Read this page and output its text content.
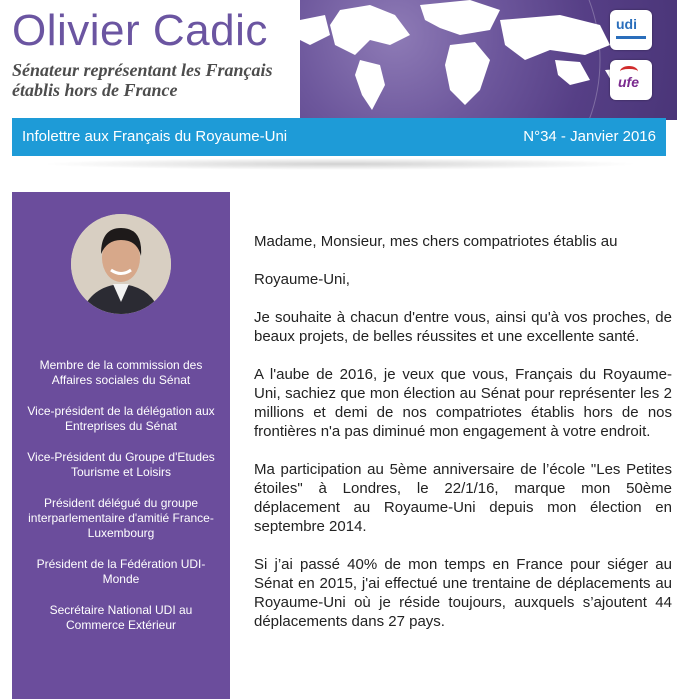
Olivier Cadic
Sénateur représentant les Français
établis hors de France
udi
ufe
Infolettre aux Français du Royaume-Uni	N°34 - Janvier 2016
Membre de la commission des Affaires sociales du Sénat
Vice-président de la délégation aux Entreprises du Sénat
Vice-Président du Groupe d'Etudes Tourisme et Loisirs
Président délégué du groupe interparlementaire d'amitié France-Luxembourg
Président de la Fédération UDI-Monde
Secrétaire National UDI au Commerce Extérieur

Madame, Monsieur, mes chers compatriotes établis au

Royaume-Uni,

Je souhaite à chacun d'entre vous, ainsi qu'à vos proches, de beaux projets, de belles réussites et une excellente santé.

A l'aube de 2016, je veux que vous, Français du Royaume-Uni, sachiez que mon élection au Sénat pour représenter les 2 millions et demi de nos compatriotes établis hors de nos frontières n'a pas diminué mon engagement à votre endroit.

Ma participation au 5ème anniversaire de l’école "Les Petites étoiles" à Londres, le 22/1/16, marque mon 50ème déplacement au Royaume-Uni depuis mon élection en septembre 2014.

Si j’ai passé 40% de mon temps en France pour siéger au Sénat en 2015, j'ai effectué une trentaine de déplacements au Royaume-Uni où je réside toujours, auxquels s’ajoutent 44 déplacements dans 27 pays.
